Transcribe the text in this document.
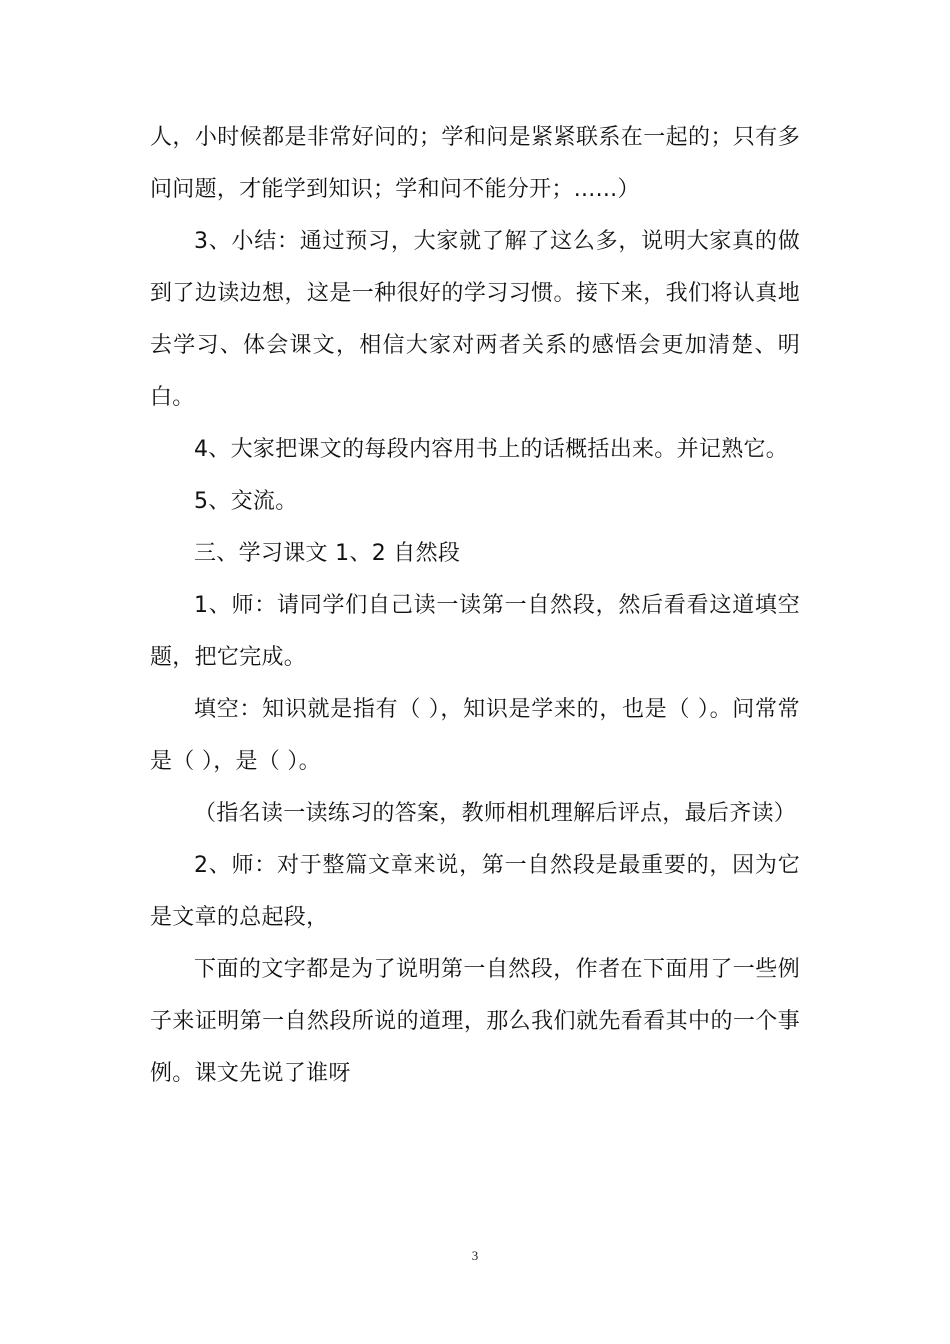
人，小时候都是非常好问的；学和问是紧紧联系在一起的；只有多问问题，才能学到知识；学和问不能分开；......）

3、小结：通过预习，大家就了解了这么多，说明大家真的做到了边读边想，这是一种很好的学习习惯。接下来，我们将认真地去学习、体会课文，相信大家对两者关系的感悟会更加清楚、明白。

4、大家把课文的每段内容用书上的话概括出来。并记熟它。

5、交流。

三、学习课文 1、2 自然段

1、师：请同学们自己读一读第一自然段，然后看看这道填空题，把它完成。

填空：知识就是指有（ ），知识是学来的，也是（ ）。问常常是（ ），是（ ）。

（指名读一读练习的答案，教师相机理解后评点，最后齐读）

2、师：对于整篇文章来说，第一自然段是最重要的，因为它是文章的总起段，

下面的文字都是为了说明第一自然段，作者在下面用了一些例子来证明第一自然段所说的道理，那么我们就先看看其中的一个事例。课文先说了谁呀

3
